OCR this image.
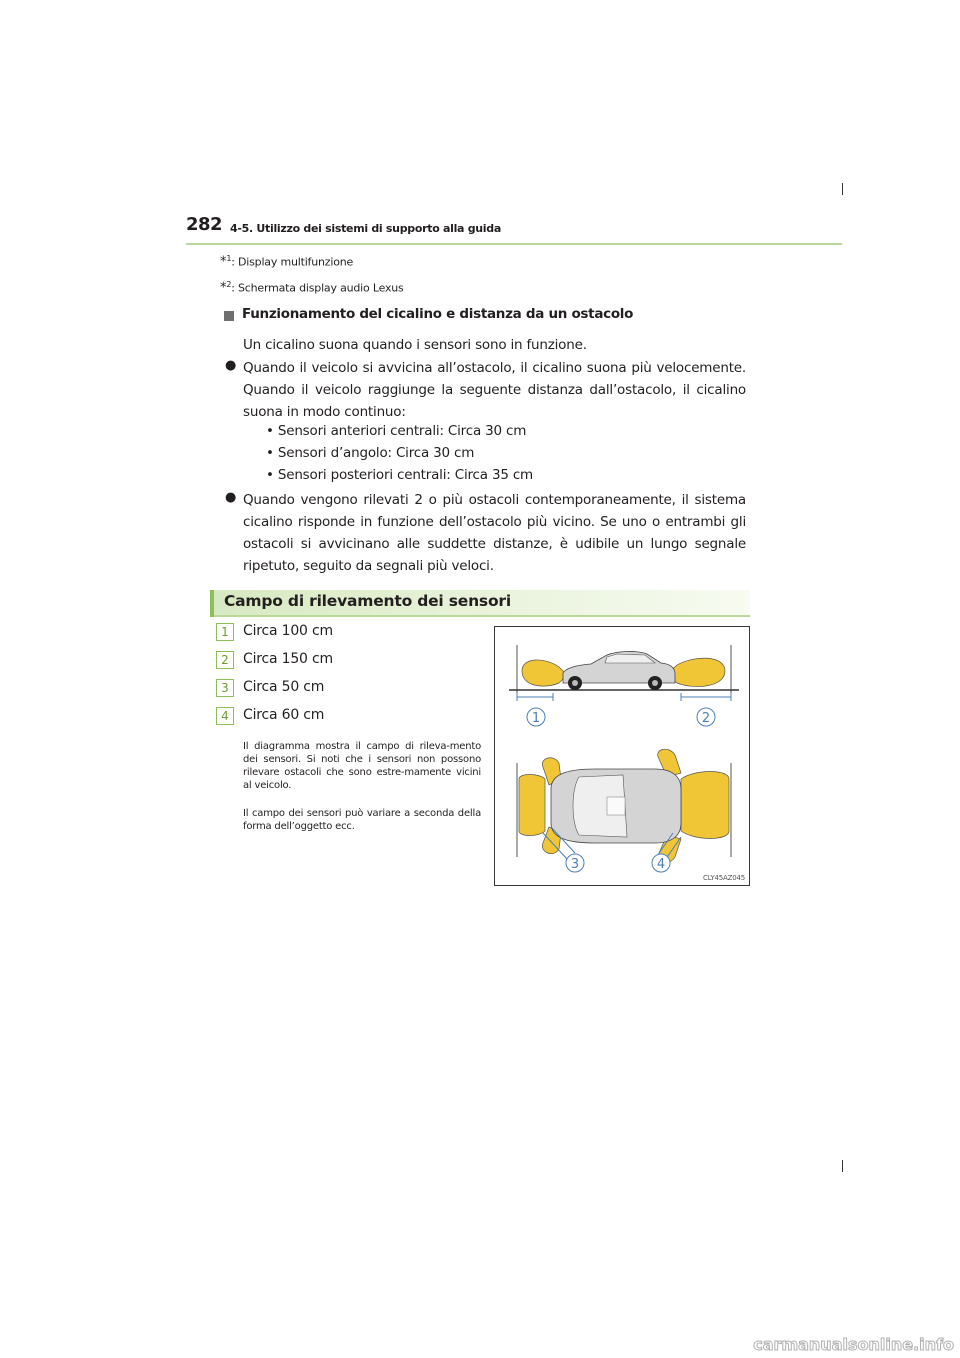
282 4-5. Utilizzo dei sistemi di supporto alla guida
*$^1$: Display multifunzione
*$^2$: Schermata display audio Lexus
Funzionamento del cicalino e distanza da un ostacolo
Un cicalino suona quando i sensori sono in funzione.
● Quando il veicolo si avvicina all’ostacolo, il cicalino suona più velocemente. Quando il veicolo raggiunge la seguente distanza dall’ostacolo, il cicalino suona in modo continuo:
• Sensori anteriori centrali: Circa 30 cm
• Sensori d’angolo: Circa 30 cm
• Sensori posteriori centrali: Circa 35 cm
● Quando vengono rilevati 2 o più ostacoli contemporaneamente, il sistema cicalino risponde in funzione dell’ostacolo più vicino. Se uno o entrambi gli ostacoli si avvicinano alle suddette distanze, è udibile un lungo segnale ripetuto, seguito da segnali più veloci.
Campo di rilevamento dei sensori
1	Circa 100 cm
2	Circa 150 cm
3	Circa 50 cm
4	Circa 60 cm
Il diagramma mostra il campo di rileva-mento dei sensori. Si noti che i sensori non possono rilevare ostacoli che sono estre-mamente vicini al veicolo.
Il campo dei sensori può variare a seconda della forma dell’oggetto ecc.
1	2
3	4
CLY45AZ045
carmanualsonline.info
